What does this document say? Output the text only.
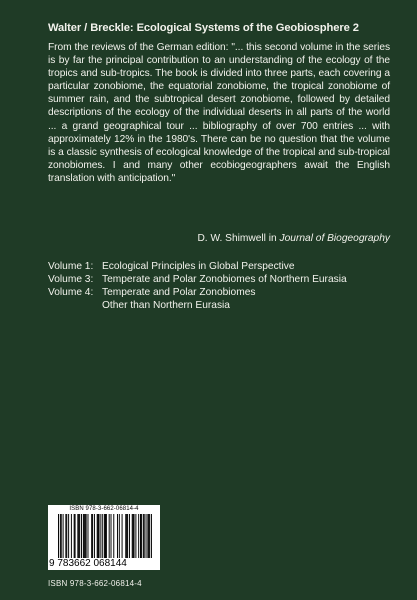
Walter / Breckle: Ecological Systems of the Geobiosphere 2
From the reviews of the German edition: "... this second volume in the series is by far the principal contribution to an understanding of the ecology of the tropics and sub-tropics. The book is divided into three parts, each covering a particular zonobiome, the equatorial zonobiome, the tropical zonobiome of summer rain, and the subtropical desert zonobiome, followed by detailed descriptions of the ecology of the individual deserts in all parts of the world ... a grand geographical tour ... bibliography of over 700 entries ... with approximately 12% in the 1980's. There can be no question that the volume is a classic synthesis of ecological knowledge of the tropical and sub-tropical zonobiomes. I and many other ecobiogeographers await the English translation with anticipation."
D. W. Shimwell in Journal of Biogeography
Volume 1: Ecological Principles in Global Perspective
Volume 3: Temperate and Polar Zonobiomes of Northern Eurasia
Volume 4: Temperate and Polar Zonobiomes
Other than Northern Eurasia
ISBN 978-3-662-06814-4
9 783662 068144
ISBN 978-3-662-06814-4
